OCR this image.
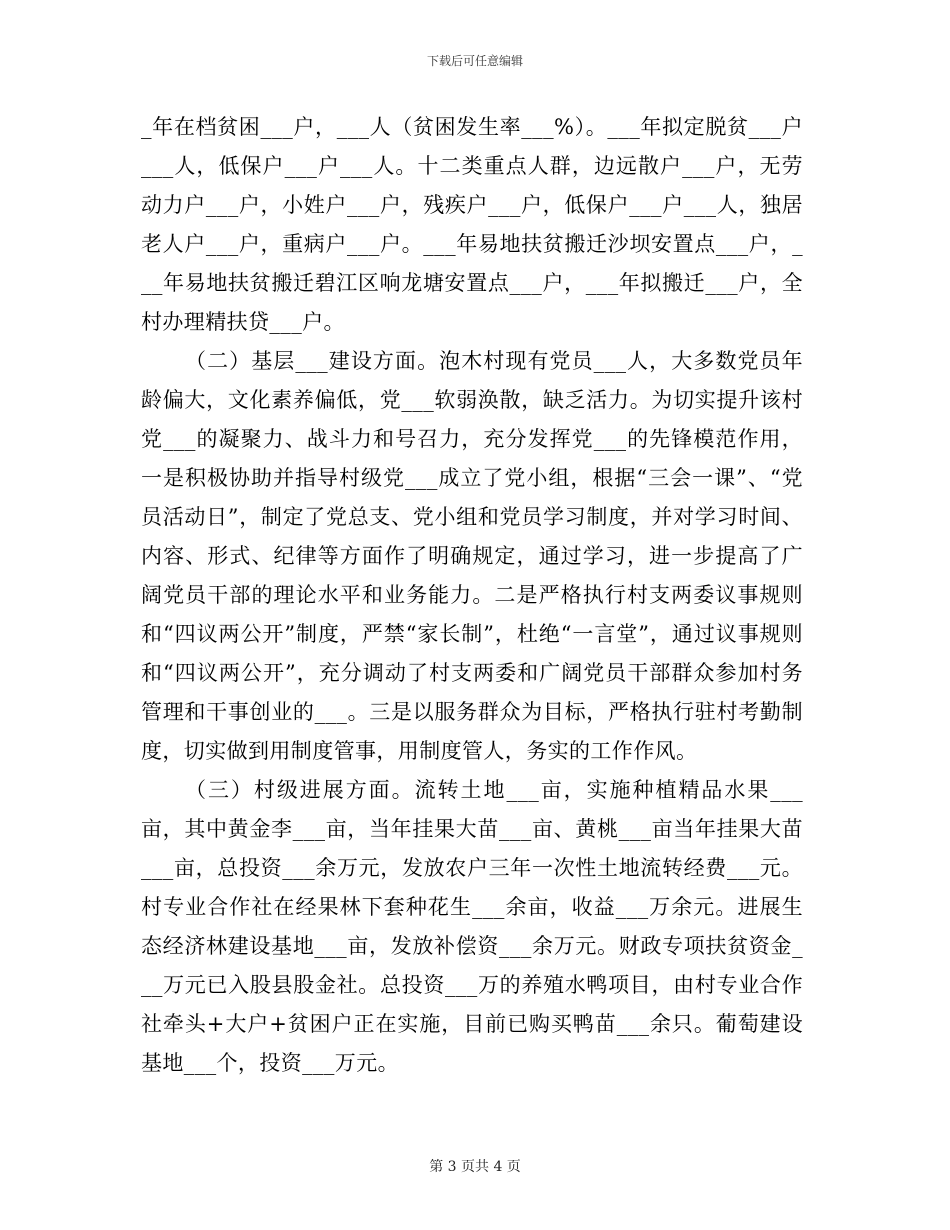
下载后可任意编辑

_年在档贫困___户，___人（贫困发生率___%）。___年拟定脱贫___户___人，低保户___户___人。十二类重点人群，边远散户___户，无劳动力户___户，小姓户___户，残疾户___户，低保户___户___人，独居老人户___户，重病户___户。___年易地扶贫搬迁沙坝安置点___户，___年易地扶贫搬迁碧江区响龙塘安置点___户，___年拟搬迁___户，全村办理精扶贷___户。

（二）基层___建设方面。泡木村现有党员___人，大多数党员年龄偏大，文化素养偏低，党___软弱涣散，缺乏活力。为切实提升该村党___的凝聚力、战斗力和号召力，充分发挥党___的先锋模范作用，一是积极协助并指导村级党___成立了党小组，根据“三会一课”、“党员活动日”，制定了党总支、党小组和党员学习制度，并对学习时间、内容、形式、纪律等方面作了明确规定，通过学习，进一步提高了广阔党员干部的理论水平和业务能力。二是严格执行村支两委议事规则和“四议两公开”制度，严禁“家长制”，杜绝“一言堂”，通过议事规则和“四议两公开”，充分调动了村支两委和广阔党员干部群众参加村务管理和干事创业的___。三是以服务群众为目标，严格执行驻村考勤制度，切实做到用制度管事，用制度管人，务实的工作作风。

（三）村级进展方面。流转土地___亩，实施种植精品水果___亩，其中黄金李___亩，当年挂果大苗___亩、黄桃___亩当年挂果大苗___亩，总投资___余万元，发放农户三年一次性土地流转经费___元。村专业合作社在经果林下套种花生___余亩，收益___万余元。进展生态经济林建设基地___亩，发放补偿资___余万元。财政专项扶贫资金___万元已入股县股金社。总投资___万的养殖水鸭项目，由村专业合作社牵头+大户+贫困户正在实施，目前已购买鸭苗___余只。葡萄建设基地___个，投资___万元。

第 3 页共 4 页
